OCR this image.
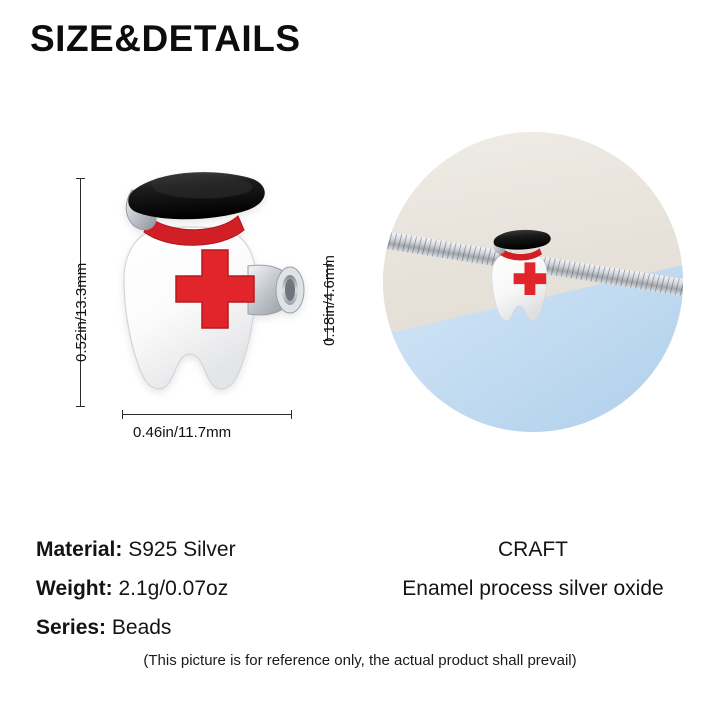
SIZE&DETAILS
0.52in/13.3mm
0.46in/11.7mm
0.18in/4.6mm
Material: S925 Silver
Weight: 2.1g/0.07oz
Series: Beads
CRAFT
Enamel process silver oxide
(This picture is for reference only, the actual product shall prevail)
